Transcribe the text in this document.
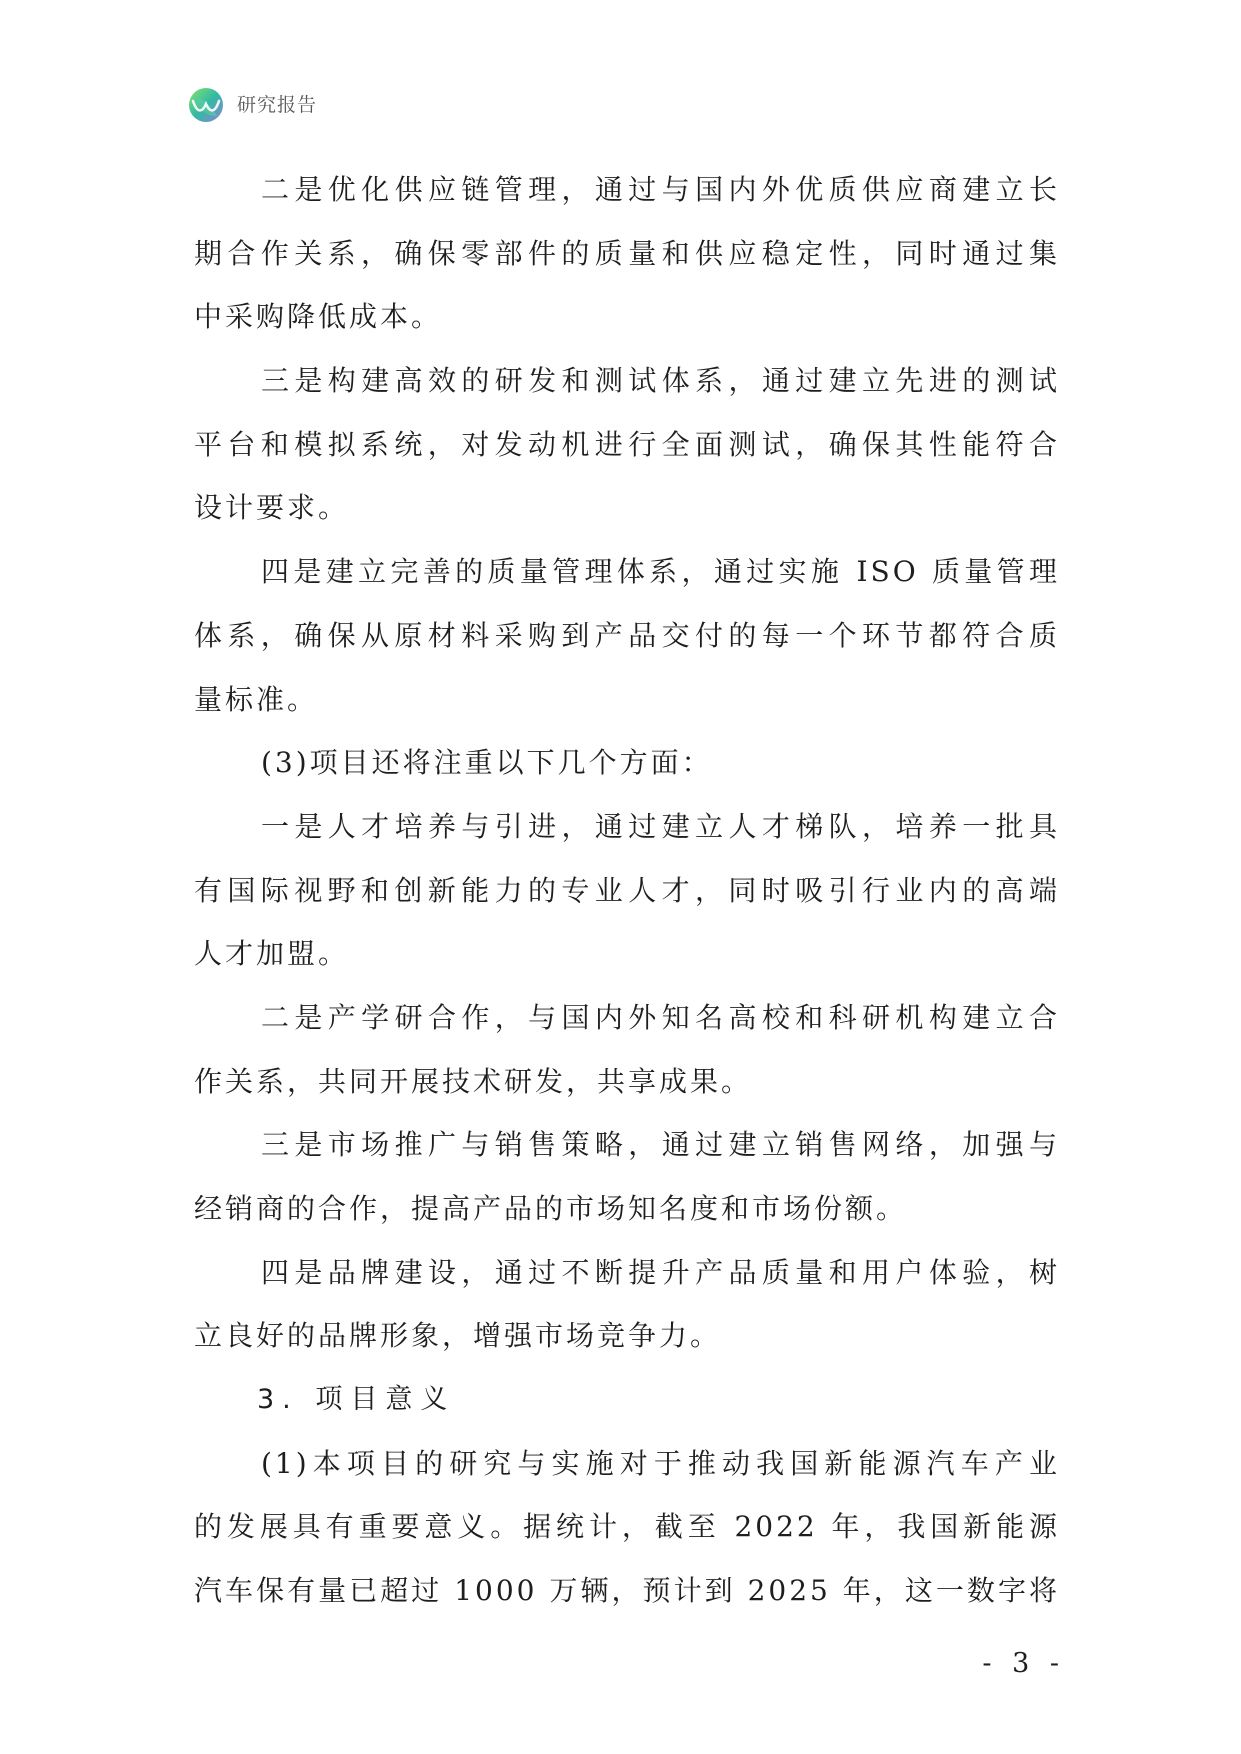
研究报告
二是优化供应链管理，通过与国内外优质供应商建立长
期合作关系，确保零部件的质量和供应稳定性，同时通过集
中采购降低成本。
三是构建高效的研发和测试体系，通过建立先进的测试
平台和模拟系统，对发动机进行全面测试，确保其性能符合
设计要求。
四是建立完善的质量管理体系，通过实施 ISO 质量管理
体系，确保从原材料采购到产品交付的每一个环节都符合质
量标准。
(3)项目还将注重以下几个方面：
一是人才培养与引进，通过建立人才梯队，培养一批具
有国际视野和创新能力的专业人才，同时吸引行业内的高端
人才加盟。
二是产学研合作，与国内外知名高校和科研机构建立合
作关系，共同开展技术研发，共享成果。
三是市场推广与销售策略，通过建立销售网络，加强与
经销商的合作，提高产品的市场知名度和市场份额。
四是品牌建设，通过不断提升产品质量和用户体验，树
立良好的品牌形象，增强市场竞争力。
3. 项目意义
(1)本项目的研究与实施对于推动我国新能源汽车产业
的发展具有重要意义。据统计，截至 2022 年，我国新能源
汽车保有量已超过 1000 万辆，预计到 2025 年，这一数字将
- 3 -
